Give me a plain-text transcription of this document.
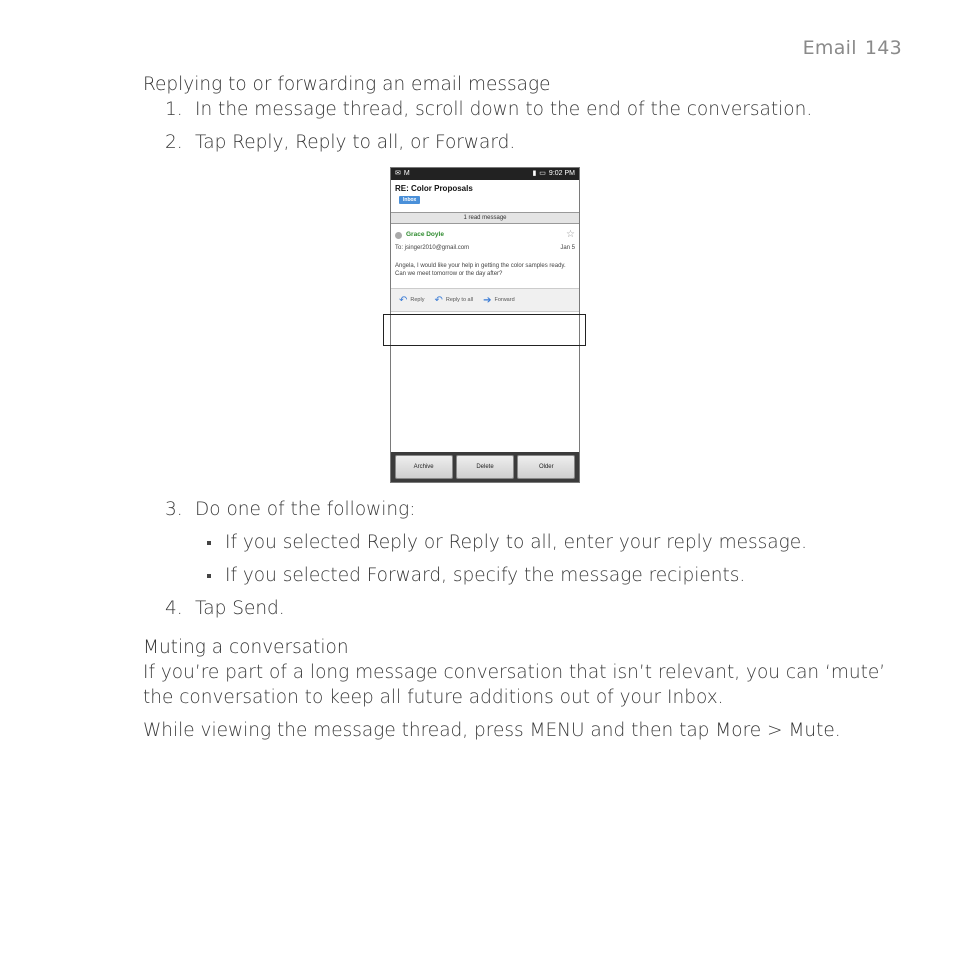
Email 143
Replying to or forwarding an email message
1. In the message thread, scroll down to the end of the conversation.
2. Tap Reply, Reply to all, or Forward.
✉ M	▮ ▭ 9:02 PM
RE: Color Proposals
Inbox
1 read message
Grace Doyle	☆
To: jsinger2010@gmail.com	Jan 5
Angela, I would like your help in getting the color samples ready. Can we meet tomorrow or the day after?
↶ Reply ↶ Reply to all ➔ Forward
Archive	Delete	Older
3. Do one of the following:
If you selected Reply or Reply to all, enter your reply message.
If you selected Forward, specify the message recipients.
4. Tap Send.
Muting a conversation

If you’re part of a long message conversation that isn’t relevant, you can ‘mute’ the conversation to keep all future additions out of your Inbox.

While viewing the message thread, press MENU and then tap More > Mute.
